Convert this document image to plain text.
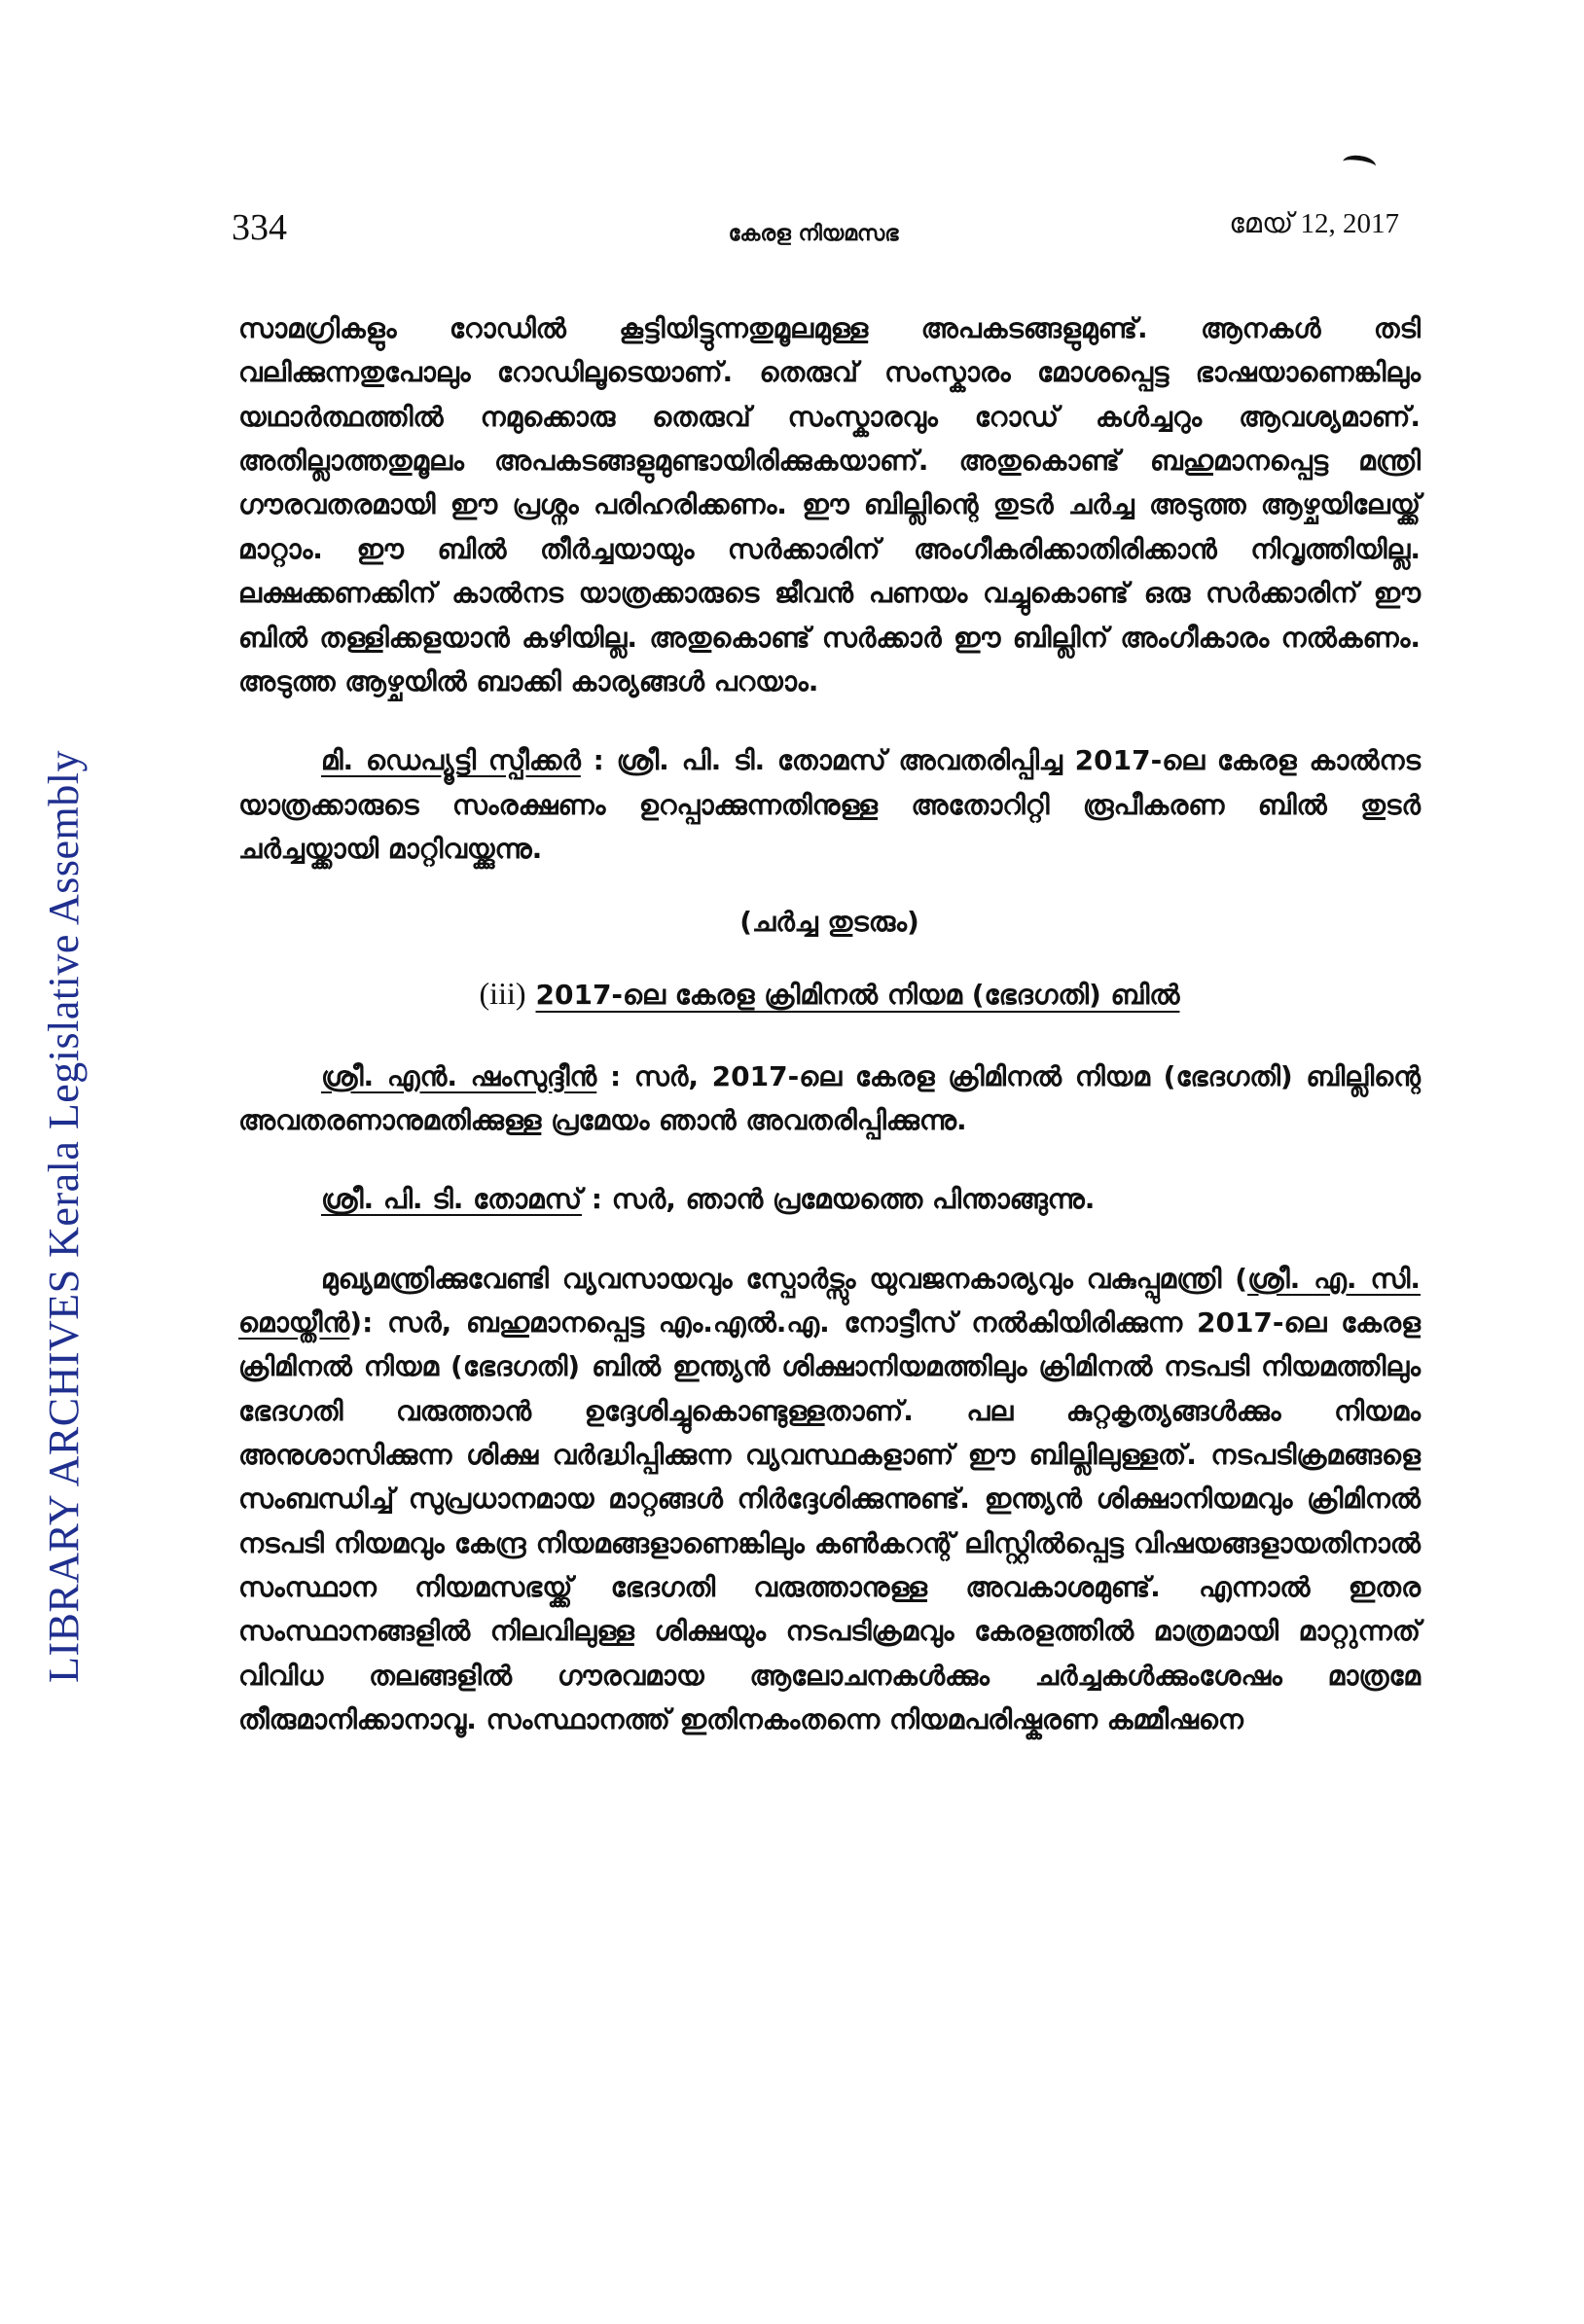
LIBRARY ARCHIVES Kerala Legislative Assembly
334	കേരള നിയമസഭ	മേയ് 12, 2017

സാമഗ്രികളും റോഡിൽ കൂട്ടിയിട്ടുന്നതുമൂലമുള്ള അപകടങ്ങളുമുണ്ട്. ആനകൾ തടി വലിക്കുന്നതുപോലും റോഡിലൂടെയാണ്. തെരുവ് സംസ്കാരം മോശപ്പെട്ട ഭാഷയാണെങ്കിലും യഥാർത്ഥത്തിൽ നമുക്കൊരു തെരുവ് സംസ്കാരവും റോഡ് കൾച്ചറും ആവശ്യമാണ്. അതില്ലാത്തതുമൂലം അപകടങ്ങളുമുണ്ടായിരിക്കുകയാണ്. അതുകൊണ്ട് ബഹുമാനപ്പെട്ട മന്ത്രി ഗൗരവതരമായി ഈ പ്രശ്നം പരിഹരിക്കണം. ഈ ബില്ലിന്റെ തുടർ ചർച്ച അടുത്ത ആഴ്ചയിലേയ്ക്ക് മാറ്റാം. ഈ ബിൽ തീർച്ചയായും സർക്കാരിന് അംഗീകരിക്കാതിരിക്കാൻ നിവൃത്തിയില്ല. ലക്ഷക്കണക്കിന് കാൽനട യാത്രക്കാരുടെ ജീവൻ പണയം വച്ചുകൊണ്ട് ഒരു സർക്കാരിന് ഈ ബിൽ തള്ളിക്കളയാൻ കഴിയില്ല. അതുകൊണ്ട് സർക്കാർ ഈ ബില്ലിന് അംഗീകാരം നൽകണം. അടുത്ത ആഴ്ചയിൽ ബാക്കി കാര്യങ്ങൾ പറയാം.

മി. ഡെപ്യൂട്ടി സ്പീക്കർ : ശ്രീ. പി. ടി. തോമസ് അവതരിപ്പിച്ച 2017-ലെ കേരള കാൽനട യാത്രക്കാരുടെ സംരക്ഷണം ഉറപ്പാക്കുന്നതിനുള്ള അതോറിറ്റി രൂപീകരണ ബിൽ തുടർ ചർച്ചയ്ക്കായി മാറ്റിവയ്ക്കുന്നു.

(ചർച്ച തുടരും)

(iii) 2017-ലെ കേരള ക്രിമിനൽ നിയമ (ഭേദഗതി) ബിൽ

ശ്രീ. എൻ. ഷംസുദ്ദീൻ : സർ, 2017-ലെ കേരള ക്രിമിനൽ നിയമ (ഭേദഗതി) ബില്ലിന്റെ അവതരണാനുമതിക്കുള്ള പ്രമേയം ഞാൻ അവതരിപ്പിക്കുന്നു.

ശ്രീ. പി. ടി. തോമസ് : സർ, ഞാൻ പ്രമേയത്തെ പിന്താങ്ങുന്നു.

മുഖ്യമന്ത്രിക്കുവേണ്ടി വ്യവസായവും സ്പോർട്സും യുവജനകാര്യവും വകുപ്പുമന്ത്രി (ശ്രീ. എ. സി. മൊയ്തീൻ): സർ, ബഹുമാനപ്പെട്ട എം.എൽ.എ. നോട്ടീസ് നൽകിയിരിക്കുന്ന 2017-ലെ കേരള ക്രിമിനൽ നിയമ (ഭേദഗതി) ബിൽ ഇന്ത്യൻ ശിക്ഷാനിയമത്തിലും ക്രിമിനൽ നടപടി നിയമത്തിലും ഭേദഗതി വരുത്താൻ ഉദ്ദേശിച്ചുകൊണ്ടുള്ളതാണ്. പല കുറ്റകൃത്യങ്ങൾക്കും നിയമം അനുശാസിക്കുന്ന ശിക്ഷ വർദ്ധിപ്പിക്കുന്ന വ്യവസ്ഥകളാണ് ഈ ബില്ലിലുള്ളത്. നടപടിക്രമങ്ങളെ സംബന്ധിച്ച് സുപ്രധാനമായ മാറ്റങ്ങൾ നിർദ്ദേശിക്കുന്നുണ്ട്. ഇന്ത്യൻ ശിക്ഷാനിയമവും ക്രിമിനൽ നടപടി നിയമവും കേന്ദ്ര നിയമങ്ങളാണെങ്കിലും കൺകറന്റ് ലിസ്റ്റിൽപ്പെട്ട വിഷയങ്ങളായതിനാൽ സംസ്ഥാന നിയമസഭയ്ക്ക് ഭേദഗതി വരുത്താനുള്ള അവകാശമുണ്ട്. എന്നാൽ ഇതര സംസ്ഥാനങ്ങളിൽ നിലവിലുള്ള ശിക്ഷയും നടപടിക്രമവും കേരളത്തിൽ മാത്രമായി മാറ്റുന്നത് വിവിധ തലങ്ങളിൽ ഗൗരവമായ ആലോചനകൾക്കും ചർച്ചകൾക്കുംശേഷം മാത്രമേ തീരുമാനിക്കാനാവൂ. സംസ്ഥാനത്ത് ഇതിനകംതന്നെ നിയമപരിഷ്കരണ കമ്മീഷനെ
